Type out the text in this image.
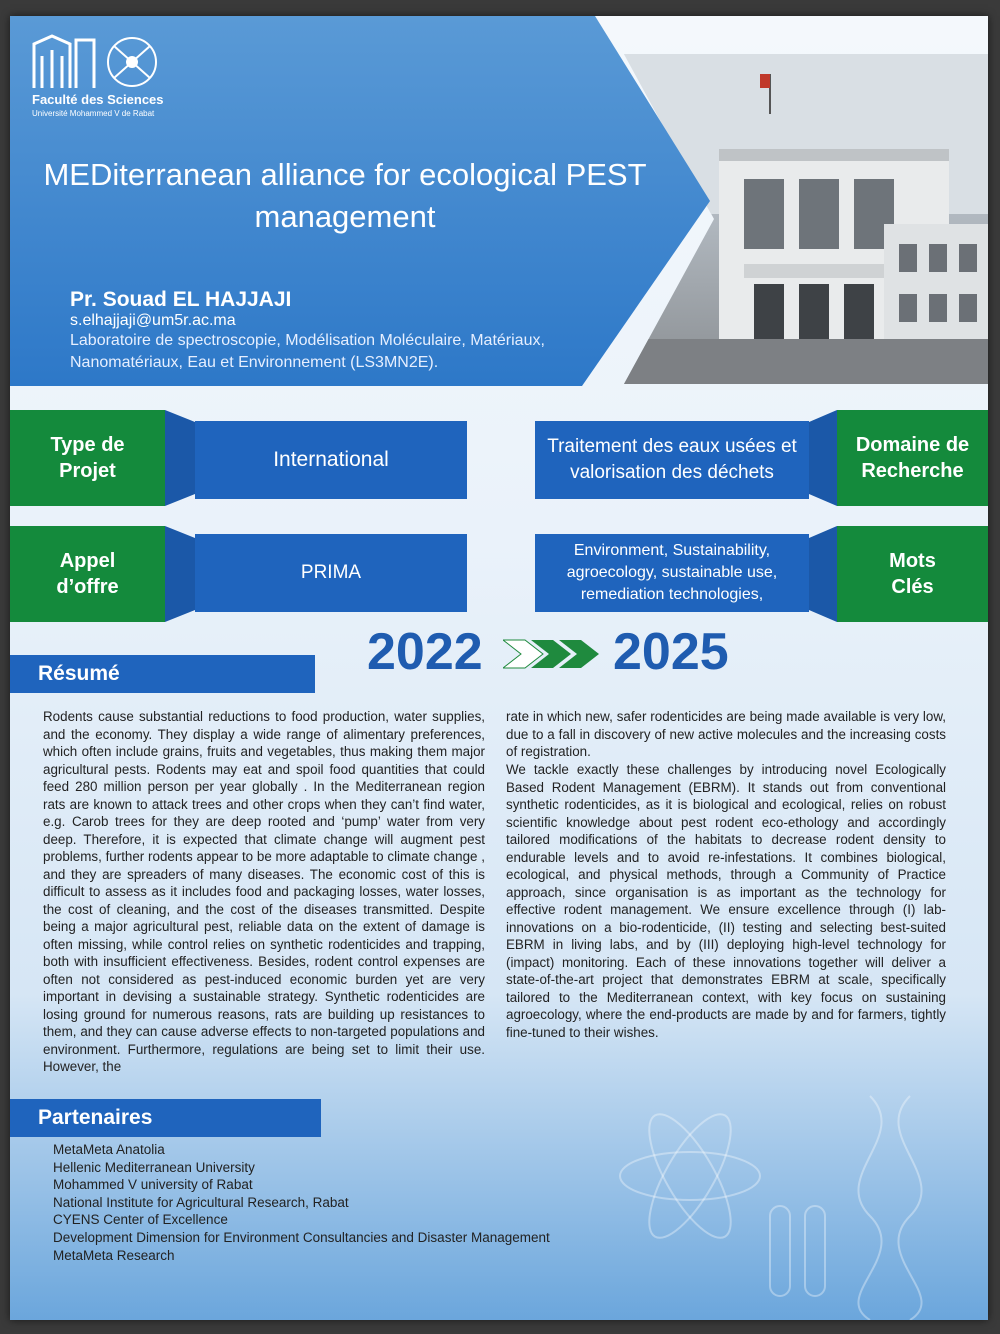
Faculté des Sciences
Université Mohammed V de Rabat
MEDiterranean alliance for ecological PEST management
Pr. Souad EL HAJJAJI
s.elhajjaji@um5r.ac.ma
Laboratoire de spectroscopie, Modélisation Moléculaire, Matériaux, Nanomatériaux, Eau et Environnement (LS3MN2E).
Type de Projet	International
Traitement des eaux usées et valorisation des déchets
Domaine de Recherche
Appel d’offre
PRIMA
Environment, Sustainability, agroecology, sustainable use, remediation technologies,
Mots Clés
2022	2025
Résumé
Rodents cause substantial reductions to food production, water supplies, and the economy. They display a wide range of alimentary preferences, which often include grains, fruits and vegetables, thus making them major agricultural pests. Rodents may eat and spoil food quantities that could feed 280 million person per year globally . In the Mediterranean region rats are known to attack trees and other crops when they can’t find water, e.g. Carob trees for they are deep rooted and ‘pump’ water from very deep. Therefore, it is expected that climate change will augment pest problems, further rodents appear to be more adaptable to climate change , and they are spreaders of many diseases. The economic cost of this is difficult to assess as it includes food and packaging losses, water losses, the cost of cleaning, and the cost of the diseases transmitted. Despite being a major agricultural pest, reliable data on the extent of damage is often missing, while control relies on synthetic rodenticides and trapping, both with insufficient effectiveness. Besides, rodent control expenses are often not considered as pest-induced economic burden yet are very important in devising a sustainable strategy. Synthetic rodenticides are losing ground for numerous reasons, rats are building up resistances to them, and they can cause adverse effects to non-targeted populations and environment. Furthermore, regulations are being set to limit their use. However, the
rate in which new, safer rodenticides are being made available is very low, due to a fall in discovery of new active molecules and the increasing costs of registration.
We tackle exactly these challenges by introducing novel Ecologically Based Rodent Management (EBRM). It stands out from conventional synthetic rodenticides, as it is biological and ecological, relies on robust scientific knowledge about pest rodent eco-ethology and accordingly tailored modifications of the habitats to decrease rodent density to endurable levels and to avoid re-infestations. It combines biological, ecological, and physical methods, through a Community of Practice approach, since organisation is as important as the technology for effective rodent management. We ensure excellence through (I) lab-innovations on a bio-rodenticide, (II) testing and selecting best-suited EBRM in living labs, and by (III) deploying high-level technology for (impact) monitoring. Each of these innovations together will deliver a state-of-the-art project that demonstrates EBRM at scale, specifically tailored to the Mediterranean context, with key focus on sustaining agroecology, where the end-products are made by and for farmers, tightly fine-tuned to their wishes.
Partenaires
MetaMeta Anatolia
Hellenic Mediterranean University
Mohammed V university of Rabat
National Institute for Agricultural Research, Rabat
CYENS Center of Excellence
Development Dimension for Environment Consultancies and Disaster Management
MetaMeta Research
